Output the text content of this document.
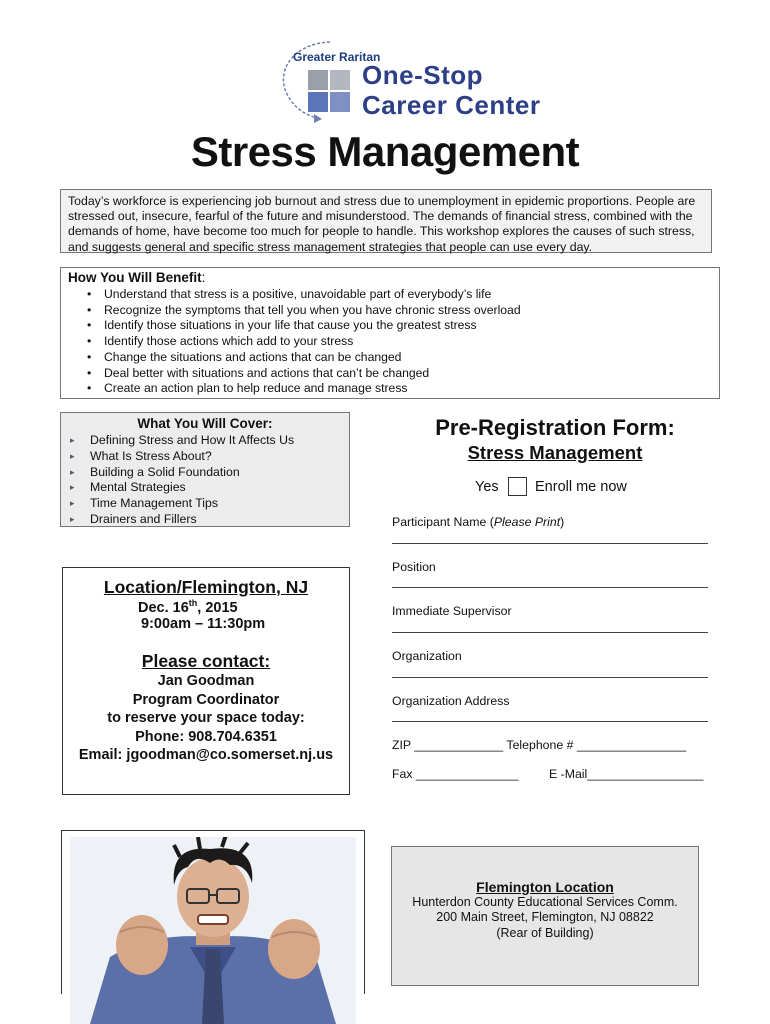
Greater Raritan
One-Stop
Career Center
Stress Management
Today’s workforce is experiencing job burnout and stress due to unemployment in epidemic proportions. People are stressed out, insecure, fearful of the future and misunderstood. The demands of financial stress, combined with the demands of home, have become too much for people to handle. This workshop explores the causes of such stress, and suggests general and specific stress management strategies that people can use every day.
How You Will Benefit:
• Understand that stress is a positive, unavoidable part of everybody’s life
• Recognize the symptoms that tell you when you have chronic stress overload
• Identify those situations in your life that cause you the greatest stress
• Identify those actions which add to your stress
• Change the situations and actions that can be changed
• Deal better with situations and actions that can’t be changed
• Create an action plan to help reduce and manage stress
What You Will Cover:
▸ Defining Stress and How It Affects Us
▸ What Is Stress About?
▸ Building a Solid Foundation
▸ Mental Strategies
▸ Time Management Tips
▸ Drainers and Fillers
Location/Flemington, NJ
Dec. 16th, 2015
9:00am – 11:30pm
Please contact:
Jan Goodman
Program Coordinator
to reserve your space today:
Phone: 908.704.6351
Email: jgoodman@co.somerset.nj.us
Pre-Registration Form:
Stress Management
Yes	Enroll me now
Participant Name (Please Print)
Position
Immediate Supervisor
Organization
Organization Address
ZIP _____________ Telephone # ________________
Fax _______________ E -Mail_________________
Flemington Location
Hunterdon County Educational Services Comm.
200 Main Street, Flemington, NJ 08822
(Rear of Building)
